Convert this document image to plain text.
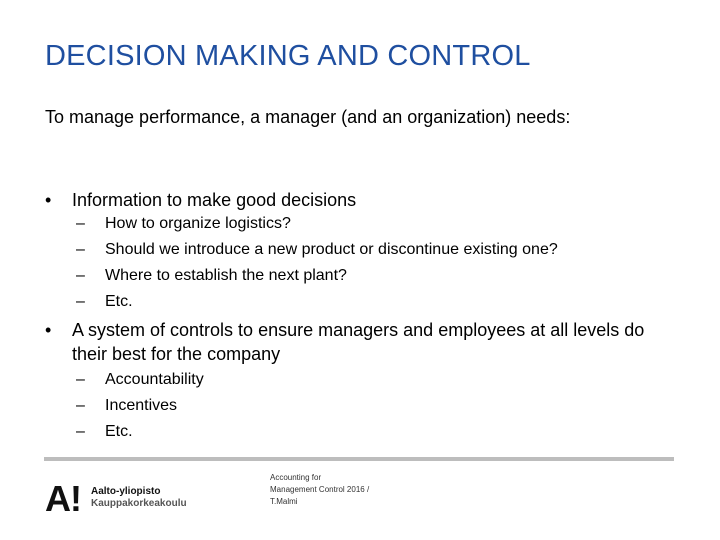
DECISION MAKING AND CONTROL
To manage performance, a manager (and an organization) needs:
•	Information to make good decisions
– How to organize logistics?
– Should we introduce a new product or discontinue existing one?
– Where to establish the next plant?
– Etc.
•	A system of controls to ensure managers and employees at all levels do their best for the company
– Accountability
– Incentives
– Etc.
A! Aalto-yliopisto
Kauppakorkeakoulu
Accounting for
Management Control 2016 /
T.Malmi
